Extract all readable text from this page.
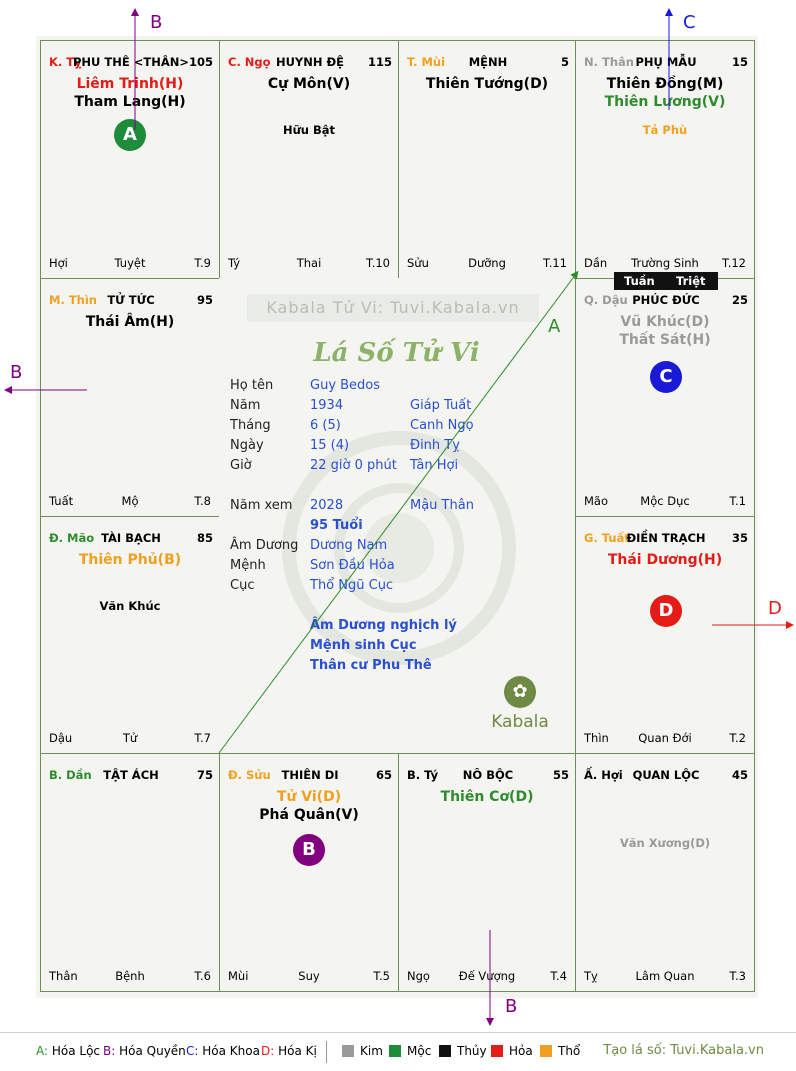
K. Tỵ
PHU THÊ <THÂN> 105
Liêm Trinh(H)
Tham Lang(H)
A
Hợi	Tuyệt	T.9
C. Ngọ HUYNH ĐỆ	115
Cự Môn(V)
Hữu Bật
Tý	Thai	T.10
T. Mùi	MỆNH	5
Thiên Tướng(D)
Sửu	Dưỡng	T.11
N. Thân PHỤ MẪU	15
Thiên Đồng(M)
Thiên Lương(V)
Tả Phù
Dần	Trường Sinh	T.12
M. Thìn TỬ TỨC	95
Thái Âm(H)
Tuất	Mộ	T.8
Q. Dậu PHÚC ĐỨC	25
Vũ Khúc(D)
Thất Sát(H)
C
Mão	Mộc Dục	T.1
Đ. Mão TÀI BẠCH	85
Thiên Phủ(B)
Văn Khúc
Dậu	Tử	T.7
G. Tuất
ĐIỀN TRẠCH	35
Thái Dương(H)
D
Thìn	Quan Đới	T.2
B. Dần	TẬT ÁCH	75
Thân	Bệnh	T.6
Đ. Sửu THIÊN DI	65
Tử Vi(D)
Phá Quân(V)
B
Mùi	Suy	T.5
B. Tý	NÔ BỘC	55
Thiên Cơ(D)
Ngọ	Đế Vượng	T.4
Ấ. Hợi QUAN LỘC	45
Văn Xương(D)
Tỵ	Lâm Quan	T.3
Kabala Tử Vi: Tuvi.Kabala.vn
Lá Số Tử Vi
Họ tên	Guy Bedos
Năm	1934	Giáp Tuất
Tháng	6 (5)	Canh Ngọ
Ngày	15 (4)	Đinh Tỵ
Giờ	22 giờ 0 phút Tân Hợi
Năm xem 2028	Mậu Thân
95 Tuổi
Âm Dương Dương Nam
Mệnh	Sơn Đầu Hỏa
Cục	Thổ Ngũ Cục
Âm Dương nghịch lý
Mệnh sinh Cục
Thân cư Phu Thê
✿
Kabala
Tuần Triệt
B	C
B
D
B
A
A: Hóa Lộc B: Hóa Quyền C: Hóa Khoa D: Hóa Kị	Kim	Mộc	Thủy	Hỏa	Thổ Tạo lá số: Tuvi.Kabala.vn
